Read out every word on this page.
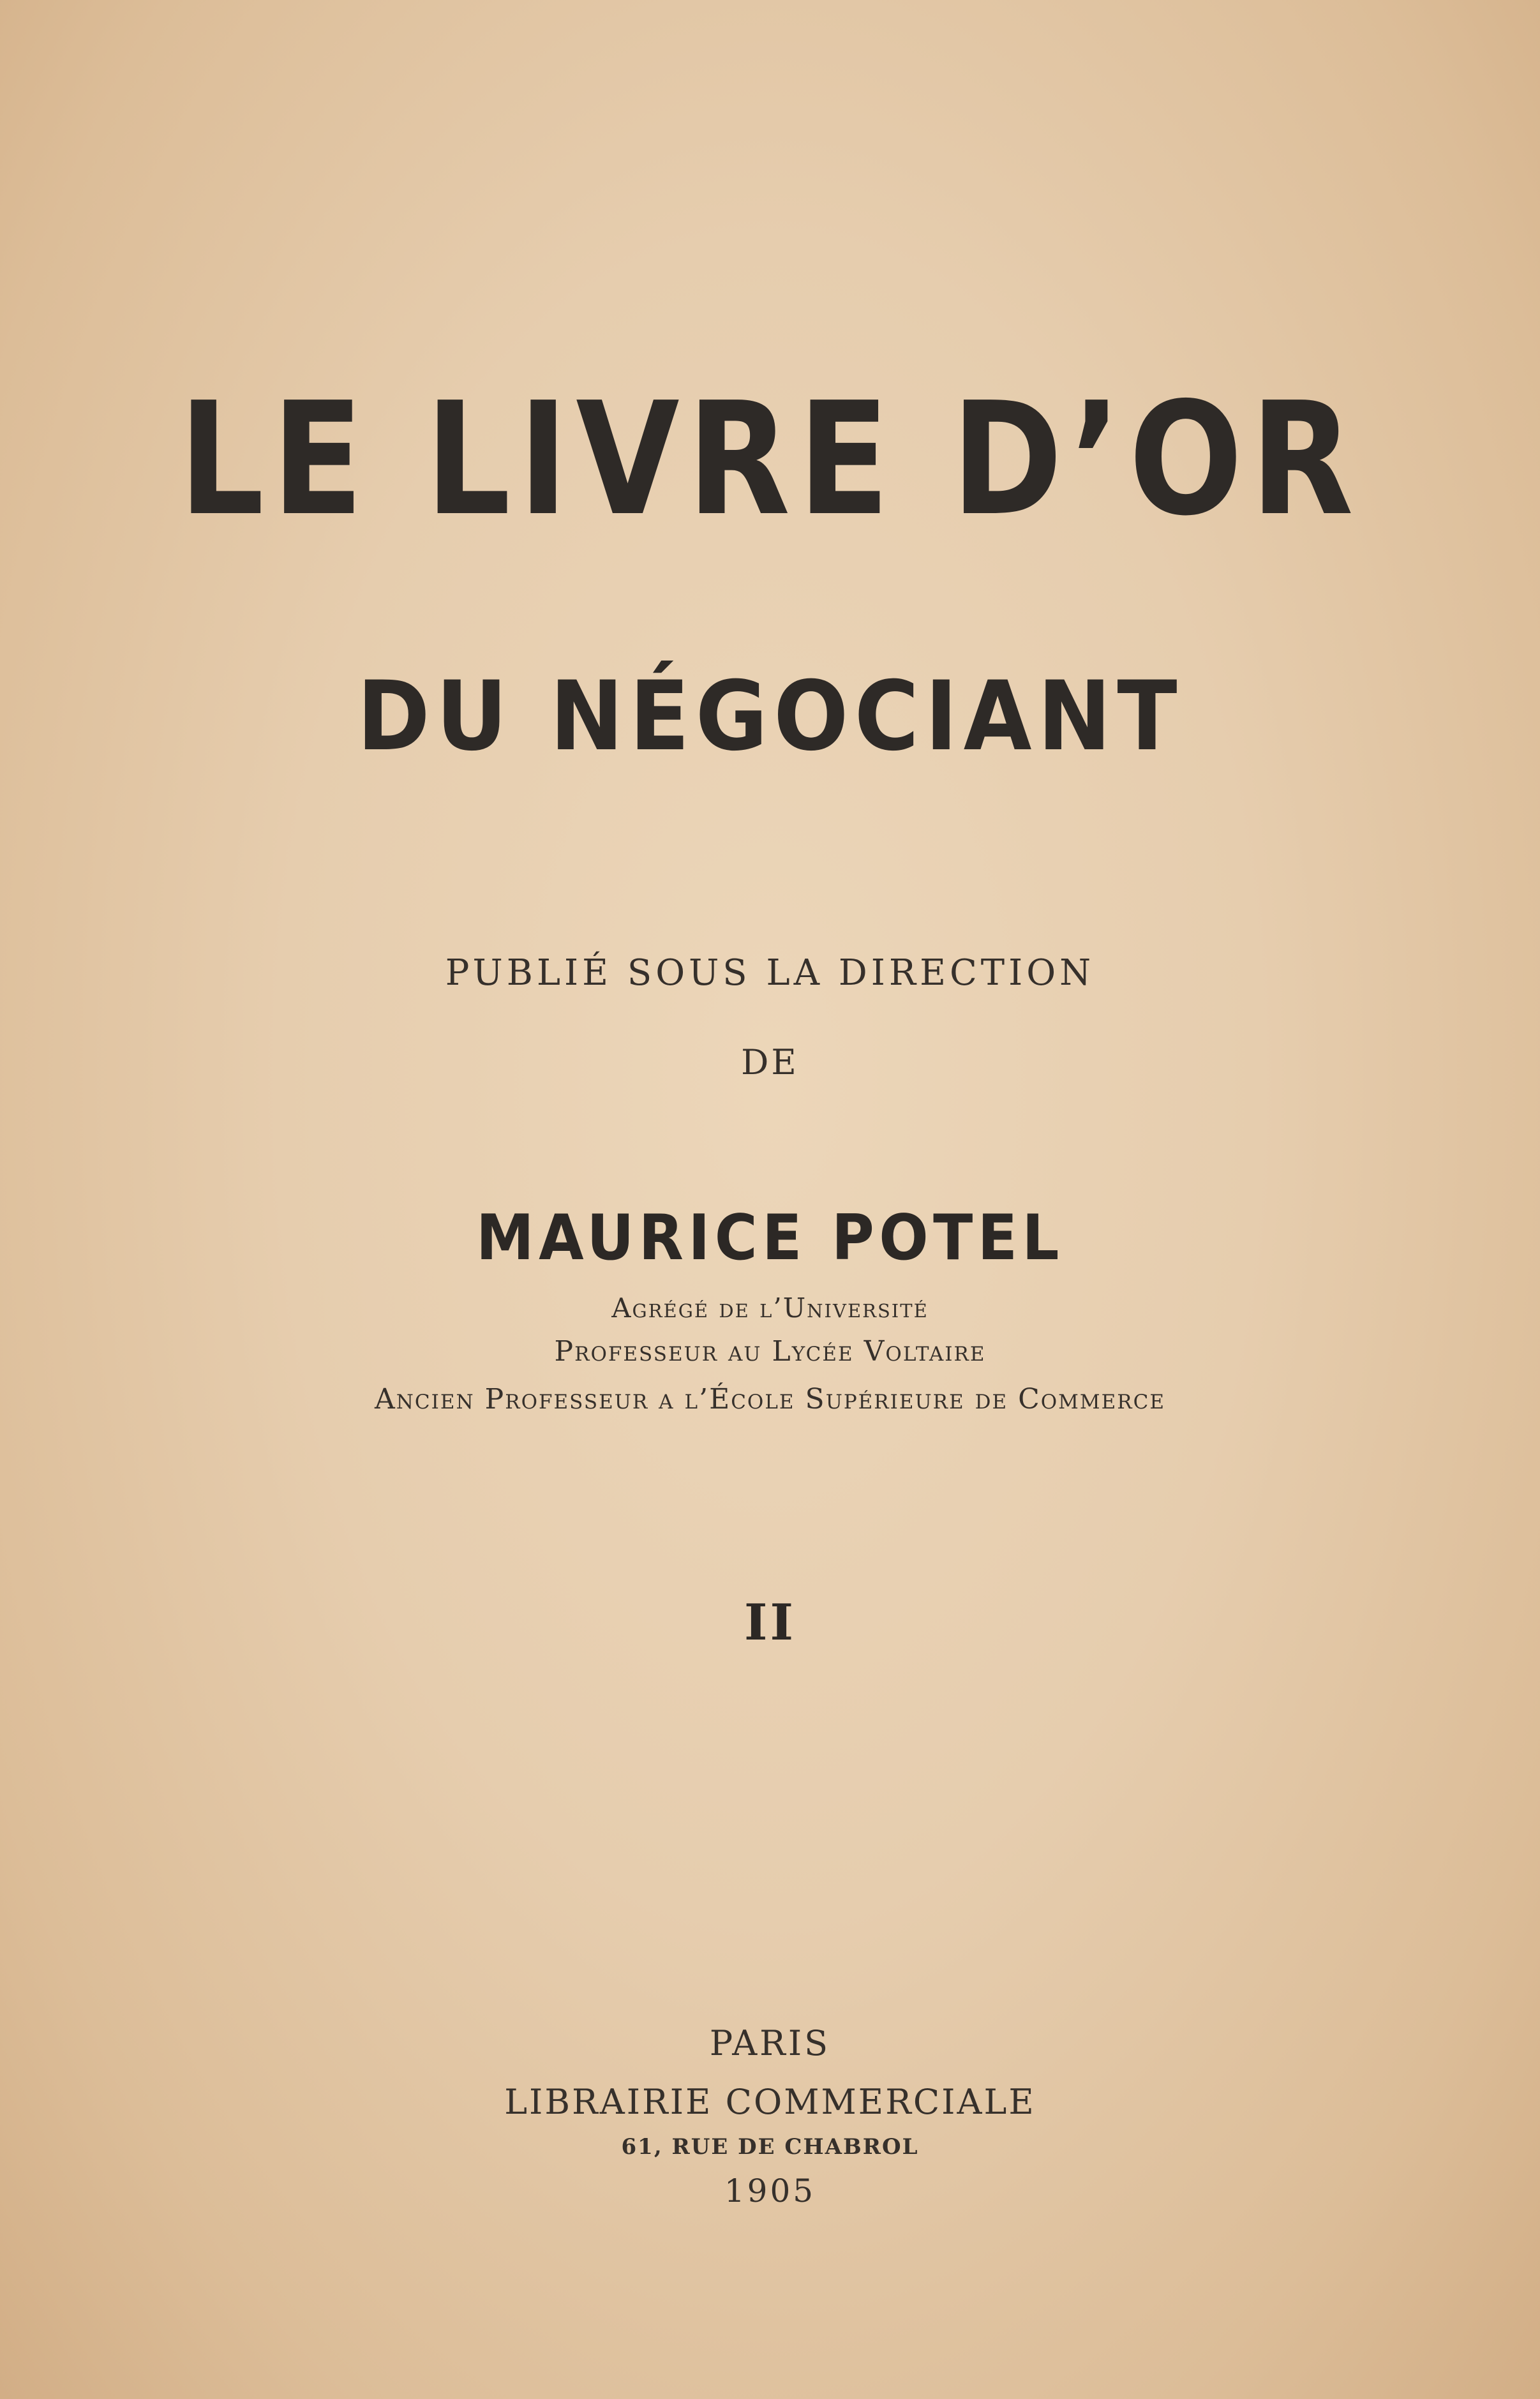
LE LIVRE D’OR
DU NÉGOCIANT
PUBLIÉ SOUS LA DIRECTION
DE
MAURICE POTEL
Agrégé de l’Université
Professeur au Lycée Voltaire
Ancien Professeur a l’École Supérieure de Commerce
II
PARIS
LIBRAIRIE COMMERCIALE
61, RUE DE CHABROL
1905
